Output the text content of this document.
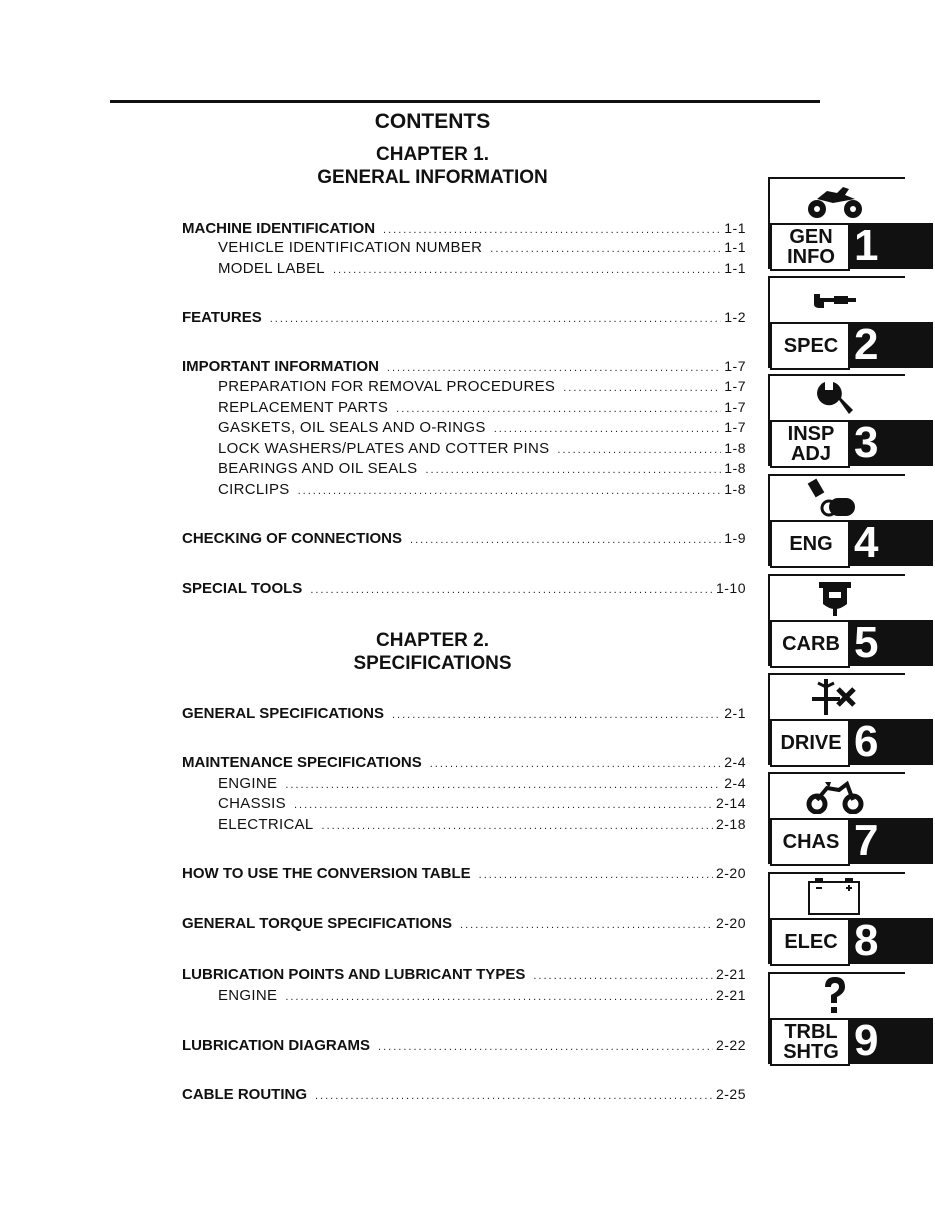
CONTENTS
CHAPTER 1.
GENERAL INFORMATION
CHAPTER 2.
SPECIFICATIONS
MACHINE IDENTIFICATION .....	1-1
VEHICLE IDENTIFICATION NUMBER .....	1-1
MODEL LABEL .....	1-1
FEATURES .....	1-2
IMPORTANT INFORMATION .....	1-7
PREPARATION FOR REMOVAL PROCEDURES .....	1-7
REPLACEMENT PARTS .....	1-7
GASKETS, OIL SEALS AND O-RINGS .....	1-7
LOCK WASHERS/PLATES AND COTTER PINS .....	1-8
BEARINGS AND OIL SEALS .....	1-8
CIRCLIPS .....	1-8
CHECKING OF CONNECTIONS .....	1-9
SPECIAL TOOLS .....	1-10
GENERAL SPECIFICATIONS .....	2-1
MAINTENANCE SPECIFICATIONS .....	2-4
ENGINE .....	2-4
CHASSIS .....	2-14
ELECTRICAL .....	2-18
HOW TO USE THE CONVERSION TABLE .....	2-20
GENERAL TORQUE SPECIFICATIONS .....	2-20
LUBRICATION POINTS AND LUBRICANT TYPES .....	2-21
ENGINE .....	2-21
LUBRICATION DIAGRAMS .....	2-22
CABLE ROUTING .....	2-25
GEN
INFO 1
SPEC 2
INSP
ADJ 3
ENG 4
CARB 5
DRIVE 6
CHAS 7
ELEC 8
TRBL
SHTG 9
